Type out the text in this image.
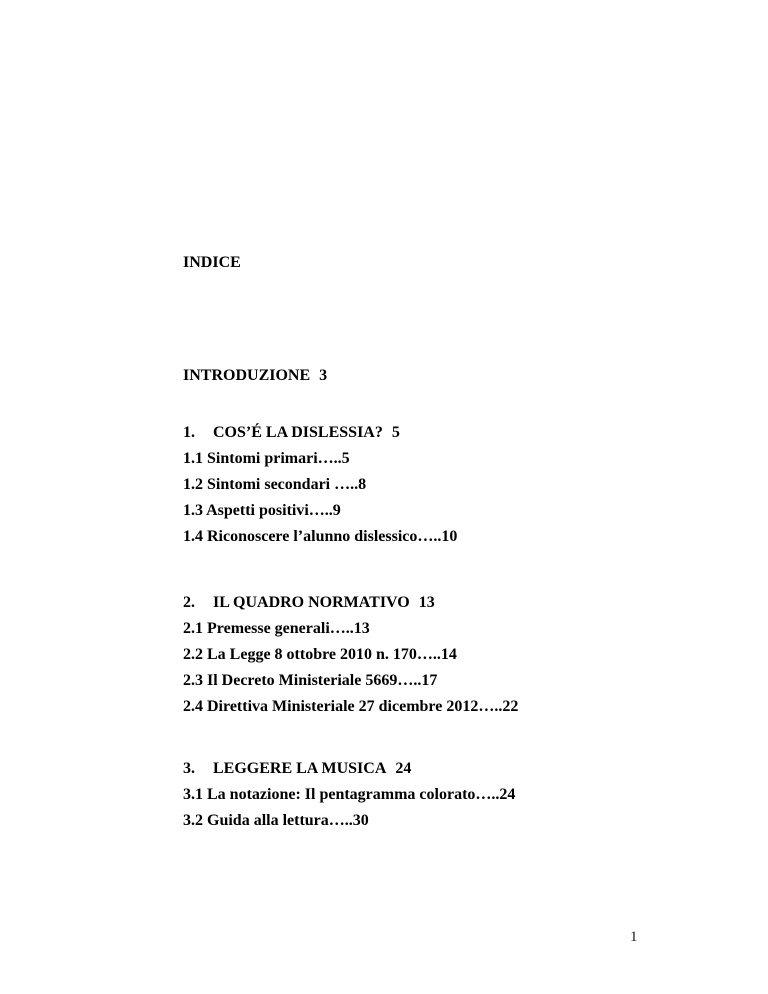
INDICE
INTRODUZIONE 3
1. COS’É LA DISLESSIA? 5
1.1 Sintomi primari…..5
1.2 Sintomi secondari …..8
1.3 Aspetti positivi…..9
1.4 Riconoscere l’alunno dislessico…..10
2. IL QUADRO NORMATIVO 13
2.1 Premesse generali…..13
2.2 La Legge 8 ottobre 2010 n. 170…..14
2.3 Il Decreto Ministeriale 5669…..17
2.4 Direttiva Ministeriale 27 dicembre 2012…..22
3. LEGGERE LA MUSICA 24
3.1 La notazione: Il pentagramma colorato…..24
3.2 Guida alla lettura…..30
1
